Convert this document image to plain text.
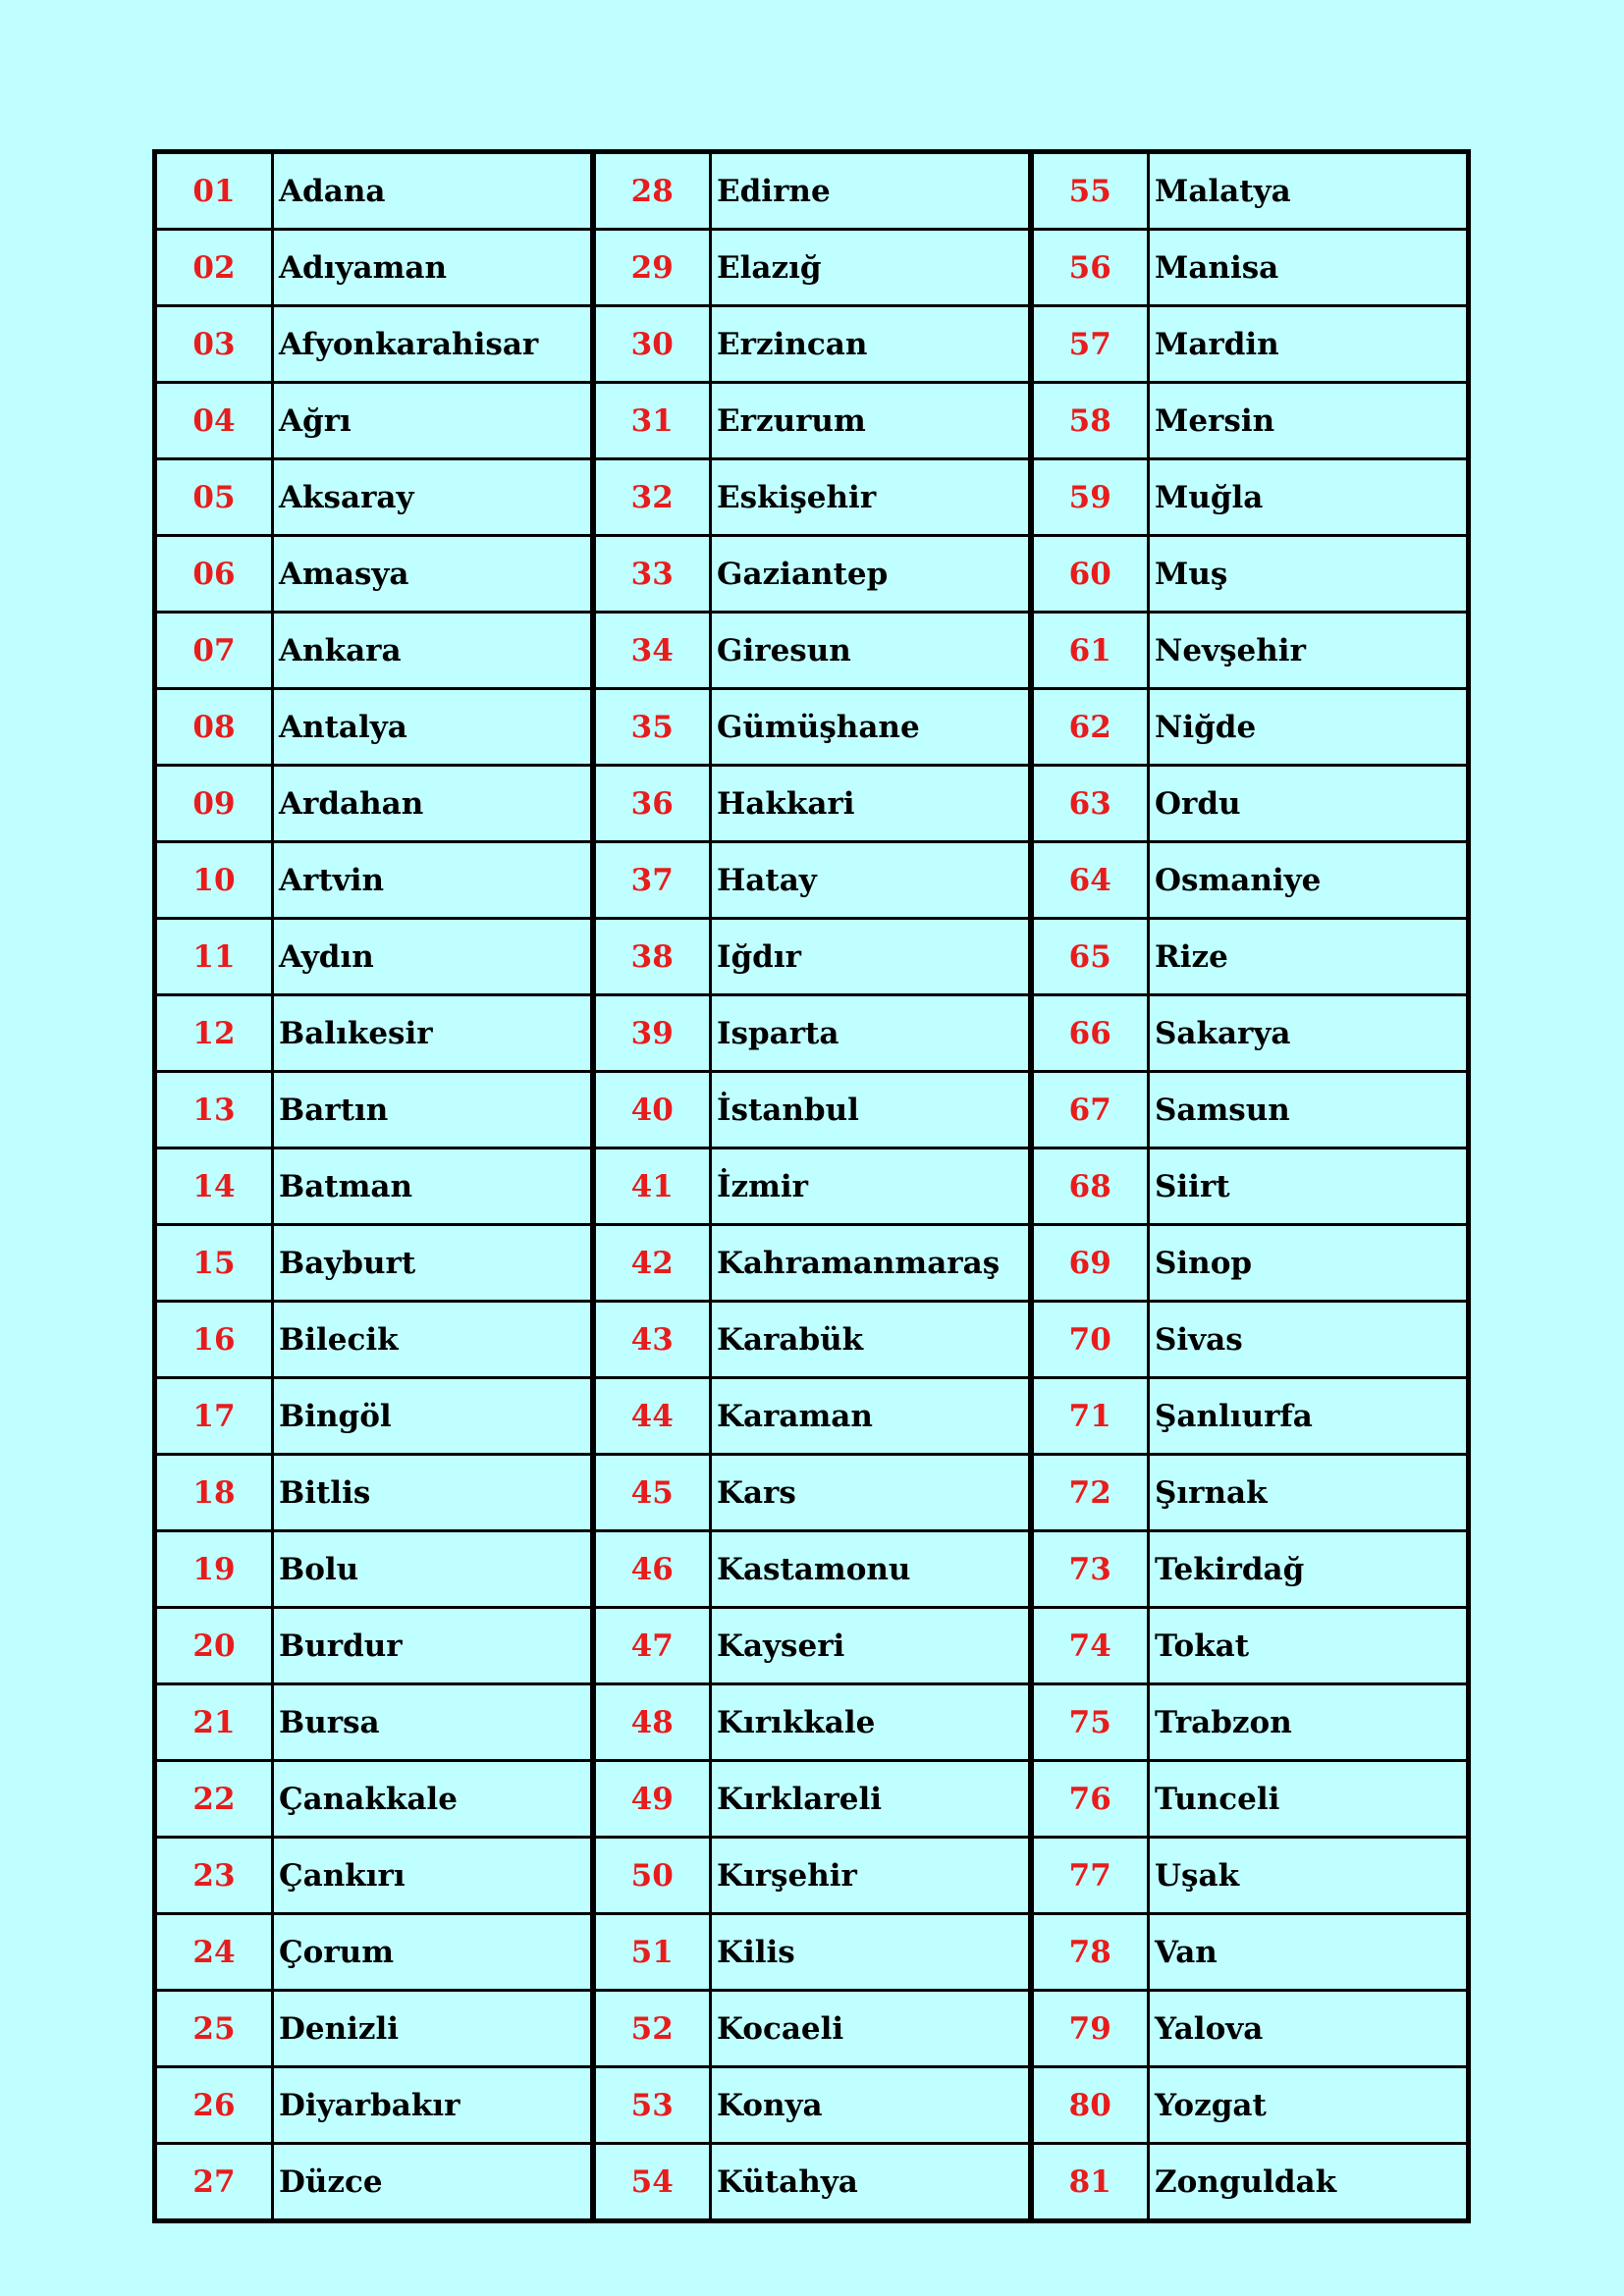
01	Adana	28	Edirne	55	Malatya
02	Adıyaman	29	Elazığ	56	Manisa
03	Afyonkarahisar	30	Erzincan	57	Mardin
04	Ağrı	31	Erzurum	58	Mersin
05	Aksaray	32	Eskişehir	59	Muğla
06	Amasya	33	Gaziantep	60	Muş
07	Ankara	34	Giresun	61	Nevşehir
08	Antalya	35	Gümüşhane	62	Niğde
09	Ardahan	36	Hakkari	63	Ordu
10	Artvin	37	Hatay	64	Osmaniye
11	Aydın	38	Iğdır	65	Rize
12	Balıkesir	39	Isparta	66	Sakarya
13	Bartın	40	İstanbul	67	Samsun
14	Batman	41	İzmir	68	Siirt
15	Bayburt	42	Kahramanmaraş	69	Sinop
16	Bilecik	43	Karabük	70	Sivas
17	Bingöl	44	Karaman	71	Şanlıurfa
18	Bitlis	45	Kars	72	Şırnak
19	Bolu	46	Kastamonu	73	Tekirdağ
20	Burdur	47	Kayseri	74	Tokat
21	Bursa	48	Kırıkkale	75	Trabzon
22	Çanakkale	49	Kırklareli	76	Tunceli
23	Çankırı	50	Kırşehir	77	Uşak
24	Çorum	51	Kilis	78	Van
25	Denizli	52	Kocaeli	79	Yalova
26	Diyarbakır	53	Konya	80	Yozgat
27	Düzce	54	Kütahya	81	Zonguldak
